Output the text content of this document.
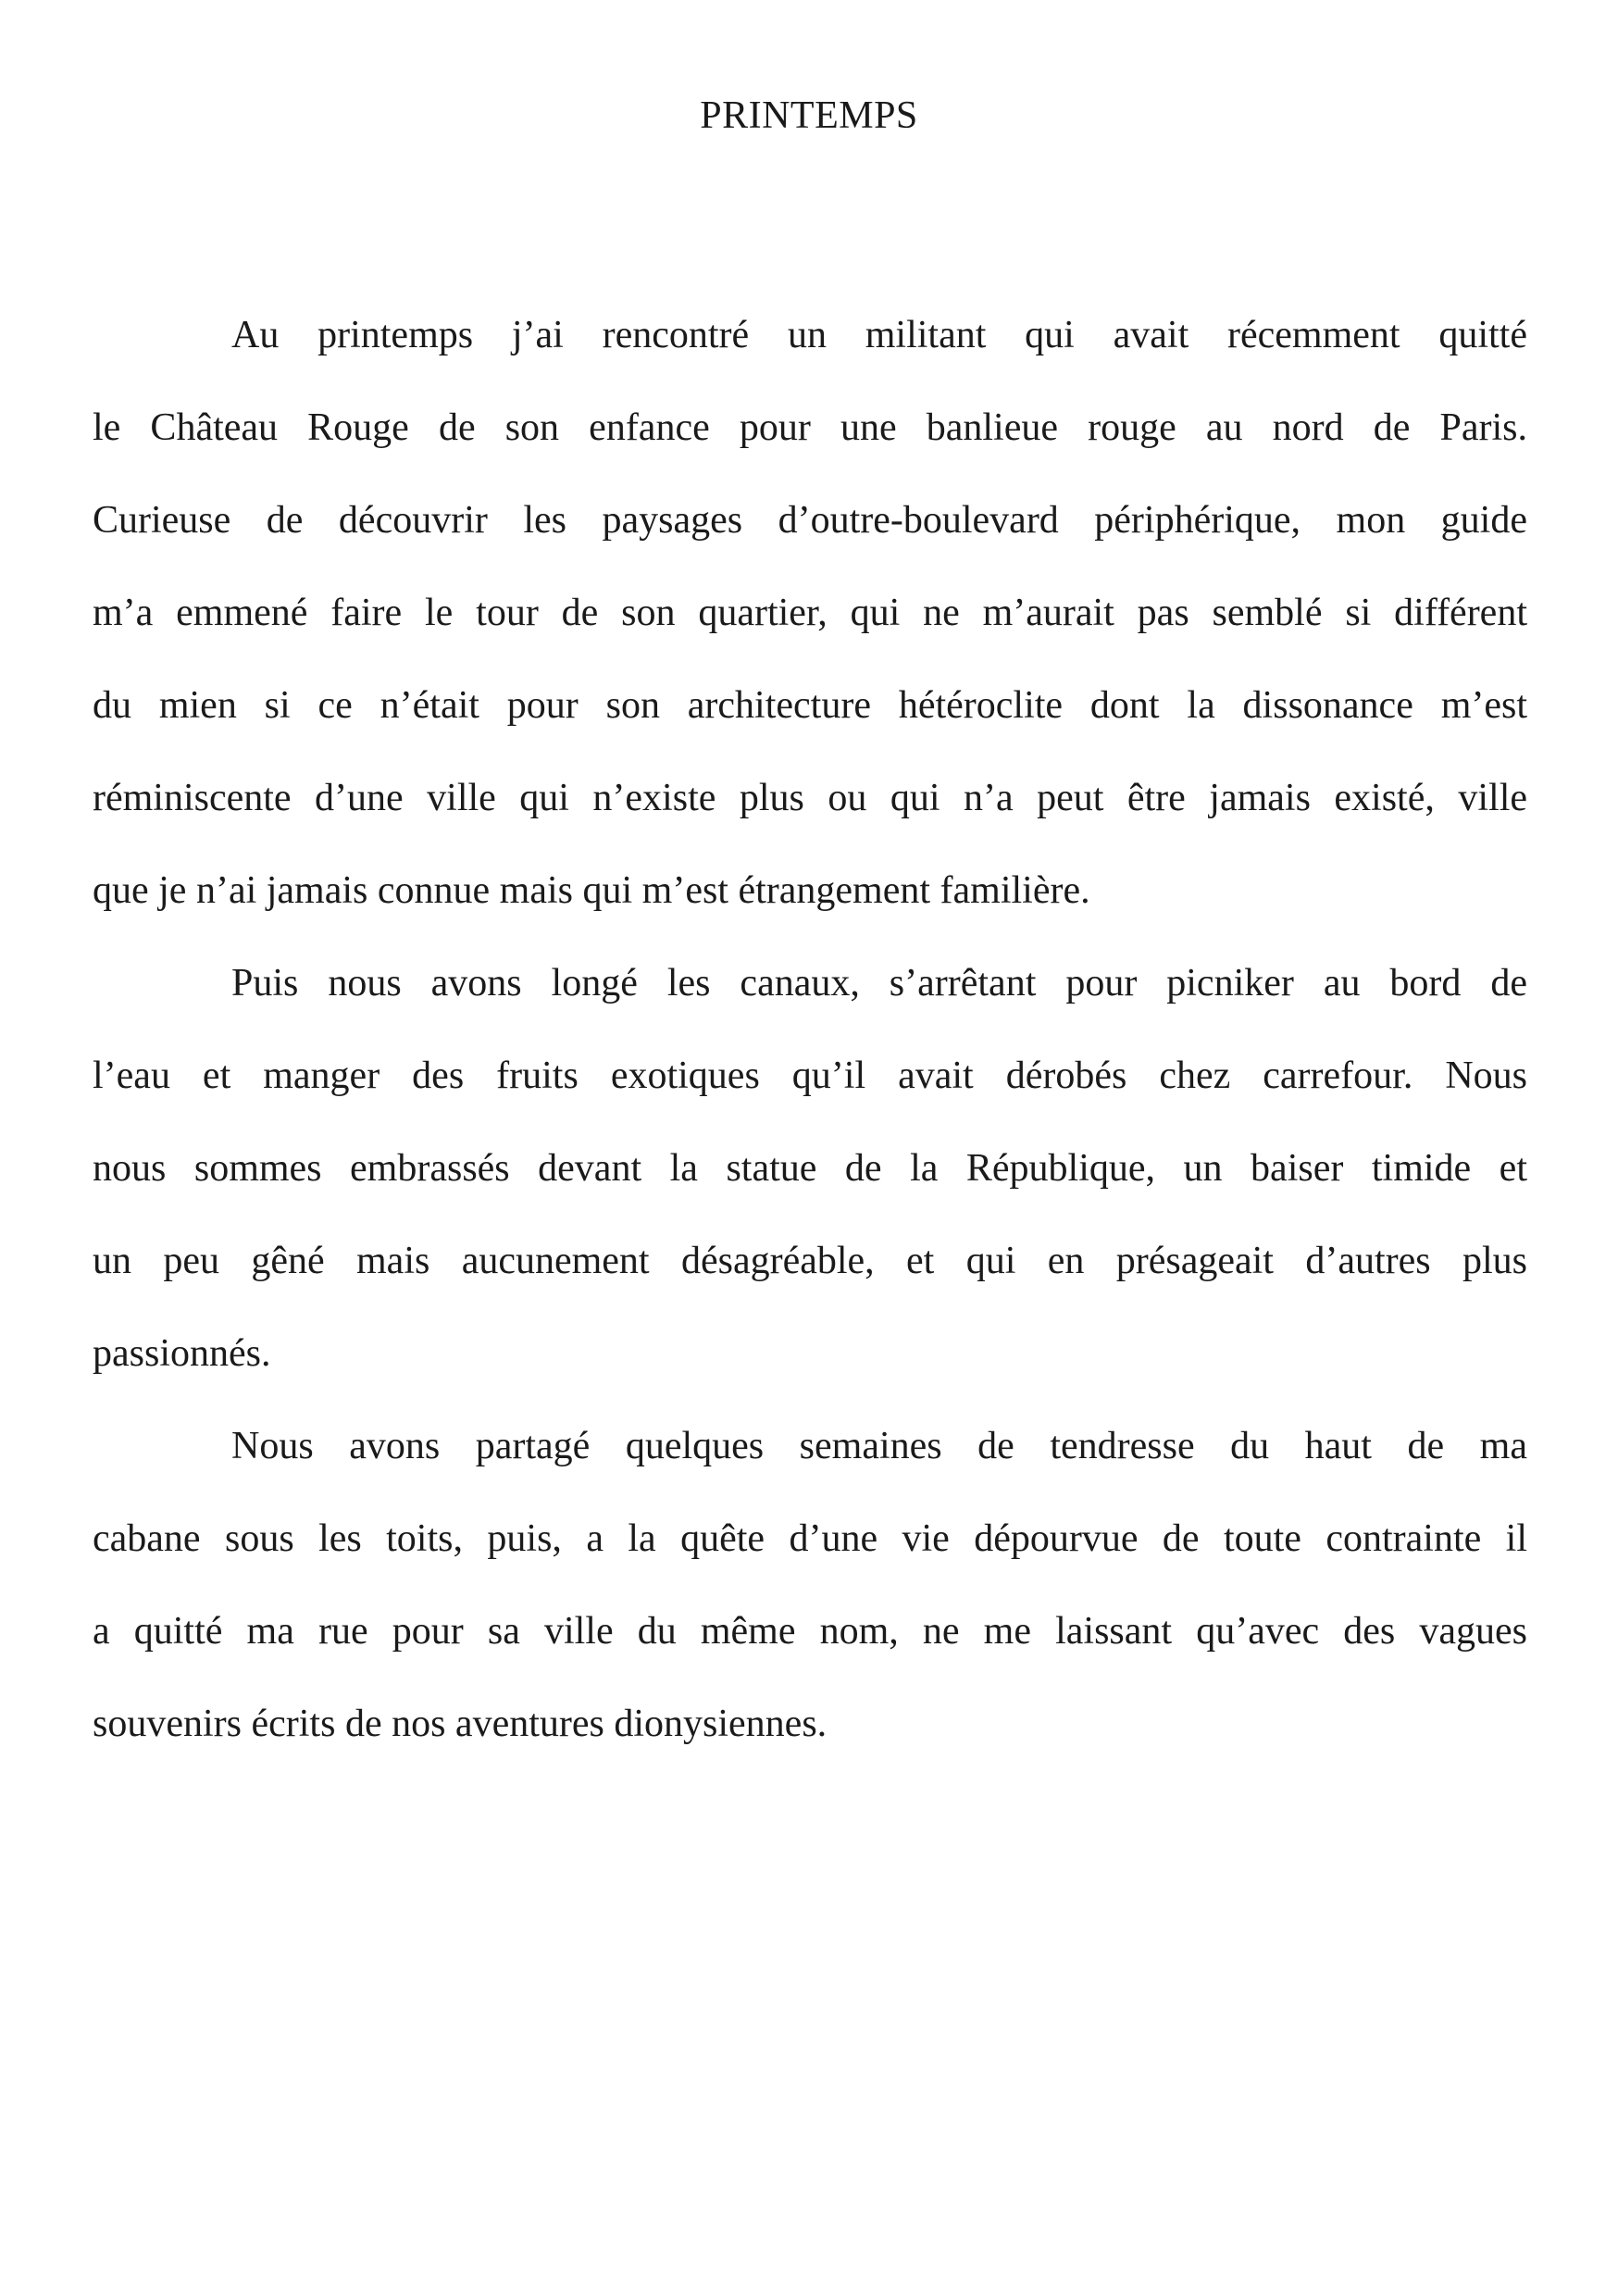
PRINTEMPS
Au printemps j’ai rencontré un militant qui avait récemment quitté
le Château Rouge de son enfance pour une banlieue rouge au nord de Paris.
Curieuse de découvrir les paysages d’outre-boulevard périphérique, mon guide
m’a emmené faire le tour de son quartier, qui ne m’aurait pas semblé si différent
du mien si ce n’était pour son architecture hétéroclite dont la dissonance m’est
réminiscente d’une ville qui n’existe plus ou qui n’a peut être jamais existé, ville
que je n’ai jamais connue mais qui m’est étrangement familière.
Puis nous avons longé les canaux, s’arrêtant pour picniker au bord de
l’eau et manger des fruits exotiques qu’il avait dérobés chez carrefour. Nous
nous sommes embrassés devant la statue de la République, un baiser timide et
un peu gêné mais aucunement désagréable, et qui en présageait d’autres plus
passionnés.
Nous avons partagé quelques semaines de tendresse du haut de ma
cabane sous les toits, puis, a la quête d’une vie dépourvue de toute contrainte il
a quitté ma rue pour sa ville du même nom, ne me laissant qu’avec des vagues
souvenirs écrits de nos aventures dionysiennes.
